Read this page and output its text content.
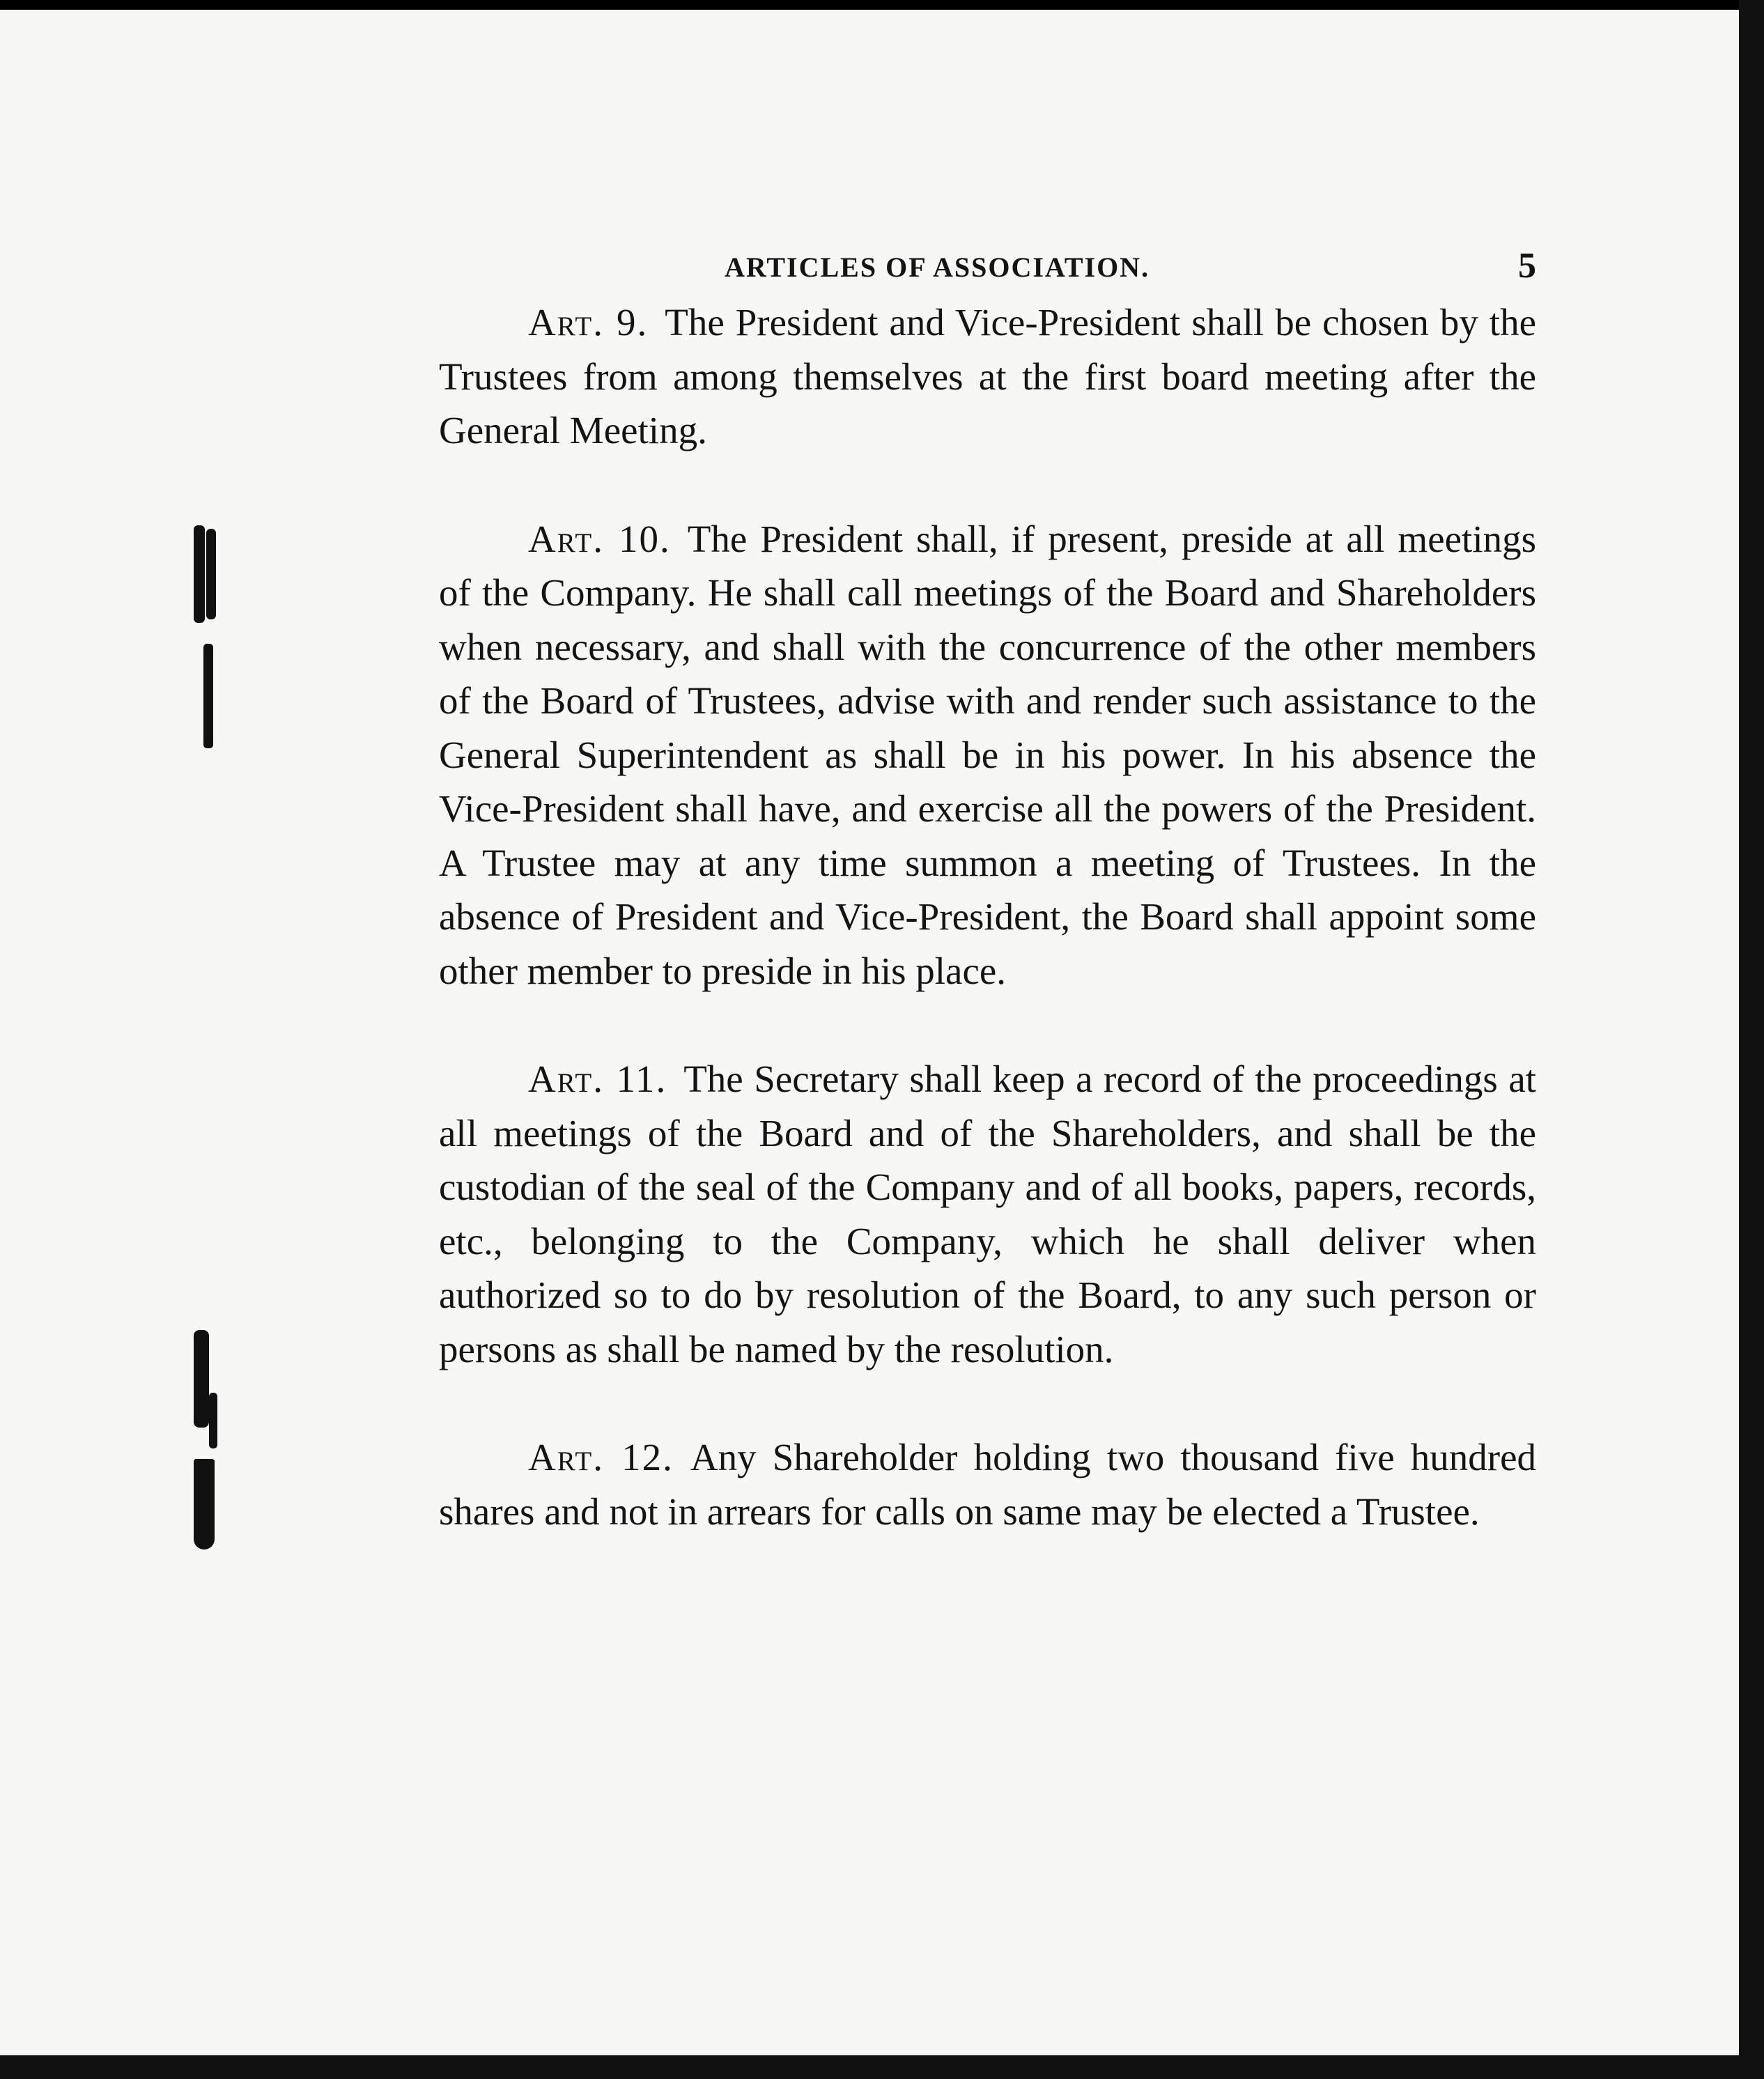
ARTICLES OF ASSOCIATION.	5

Art. 9. The President and Vice-President shall be chosen by the Trustees from among themselves at the first board meeting after the General Meeting.

Art. 10. The President shall, if present, preside at all meetings of the Company. He shall call meetings of the Board and Shareholders when necessary, and shall with the concurrence of the other members of the Board of Trustees, advise with and render such assistance to the General Superintendent as shall be in his power. In his absence the Vice-President shall have, and exercise all the powers of the President. A Trustee may at any time summon a meeting of Trustees. In the absence of President and Vice-President, the Board shall appoint some other member to preside in his place.

Art. 11. The Secretary shall keep a record of the proceedings at all meetings of the Board and of the Shareholders, and shall be the custodian of the seal of the Company and of all books, papers, records, etc., belonging to the Company, which he shall deliver when authorized so to do by resolution of the Board, to any such person or persons as shall be named by the resolution.

Art. 12. Any Shareholder holding two thousand five hundred shares and not in arrears for calls on same may be elected a Trustee.
